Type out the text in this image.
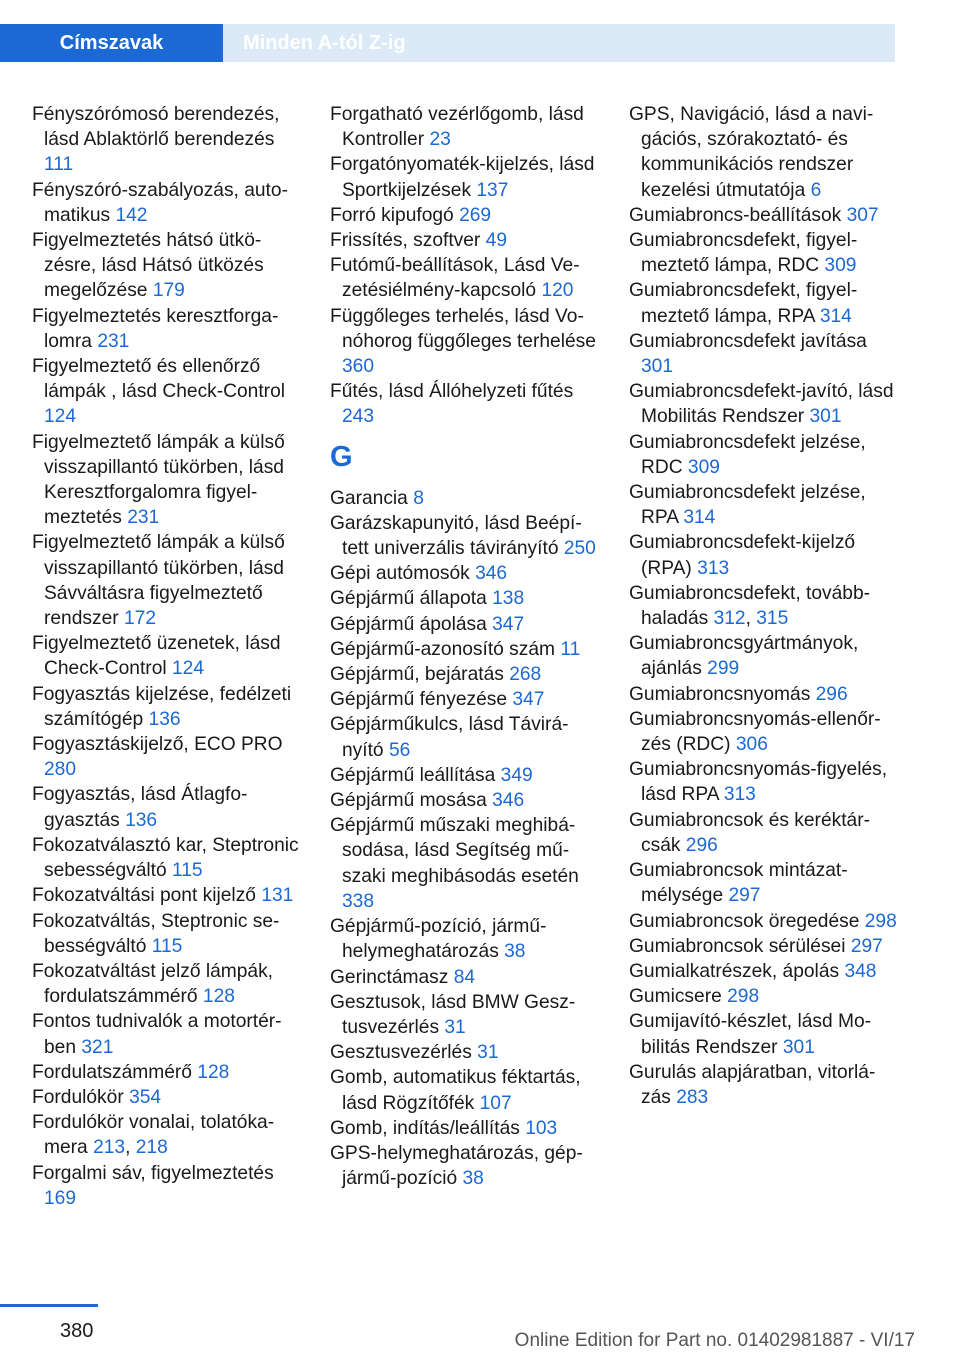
Címszavak	Minden A-tól Z-ig
Fényszórómosó berendezés, lásd Ablaktörlő berendezés 111
Fényszóró-szabályozás, automatikus 142
Figyelmeztetés hátsó ütközésre, lásd Hátsó ütközés megelőzése 179
Figyelmeztetés keresztforgalomra 231
Figyelmeztető és ellenőrző lámpák , lásd Check-Control 124
Figyelmeztető lámpák a külső visszapillantó tükörben, lásd Keresztforgalomra figyelmeztetés 231
Figyelmeztető lámpák a külső visszapillantó tükörben, lásd Sávváltásra figyelmeztető rendszer 172
Figyelmeztető üzenetek, lásd Check-Control 124
Fogyasztás kijelzése, fedélzeti számítógép 136
Fogyasztáskijelző, ECO PRO 280
Fogyasztás, lásd Átlagfogyasztás 136
Fokozatválasztó kar, Steptronic sebességváltó 115
Fokozatváltási pont kijelző 131
Fokozatváltás, Steptronic sebességváltó 115
Fokozatváltást jelző lámpák, fordulatszámmérő 128
Fontos tudnivalók a motortérben 321
Fordulatszámmérő 128
Fordulókör 354
Fordulókör vonalai, tolatókamera 213, 218
Forgalmi sáv, figyelmeztetés 169
Forgatható vezérlőgomb, lásd Kontroller 23
Forgatónyomaték-kijelzés, lásd Sportkijelzések 137
Forró kipufogó 269
Frissítés, szoftver 49
Futómű-beállítások, Lásd Vezetésiélmény-kapcsoló 120
Függőleges terhelés, lásd Vonóhorog függőleges terhelése 360
Fűtés, lásd Állóhelyzeti fűtés 243
G
Garancia 8
Garázskapunyitó, lásd Beépített univerzális távirányító 250
Gépi autómosók 346
Gépjármű állapota 138
Gépjármű ápolása 347
Gépjármű-azonosító szám 11
Gépjármű, bejáratás 268
Gépjármű fényezése 347
Gépjárműkulcs, lásd Távirányító 56
Gépjármű leállítása 349
Gépjármű mosása 346
Gépjármű műszaki meghibásodása, lásd Segítség műszaki meghibásodás esetén 338
Gépjármű-pozíció, járműhelymeghatározás 38
Gerinctámasz 84
Gesztusok, lásd BMW Gesztusvezérlés 31
Gesztusvezérlés 31
Gomb, automatikus féktartás, lásd Rögzítőfék 107
Gomb, indítás/leállítás 103
GPS-helymeghatározás, gépjármű-pozíció 38
GPS, Navigáció, lásd a navigációs, szórakoztató- és kommunikációs rendszer kezelési útmutatója 6
Gumiabroncs-beállítások 307
Gumiabroncsdefekt, figyelmeztető lámpa, RDC 309
Gumiabroncsdefekt, figyelmeztető lámpa, RPA 314
Gumiabroncsdefekt javítása 301
Gumiabroncsdefekt-javító, lásd Mobilitás Rendszer 301
Gumiabroncsdefekt jelzése, RDC 309
Gumiabroncsdefekt jelzése, RPA 314
Gumiabroncsdefekt-kijelző (RPA) 313
Gumiabroncsdefekt, továbbhaladás 312, 315
Gumiabroncsgyártmányok, ajánlás 299
Gumiabroncsnyomás 296
Gumiabroncsnyomás-ellenőrzés (RDC) 306
Gumiabroncsnyomás-figyelés, lásd RPA 313
Gumiabroncsok és keréktárcsák 296
Gumiabroncsok mintázatmélysége 297
Gumiabroncsok öregedése 298
Gumiabroncsok sérülései 297
Gumialkatrészek, ápolás 348
Gumicsere 298
Gumijavító-készlet, lásd Mobilitás Rendszer 301
Gurulás alapjáratban, vitorlázás 283
380	Online Edition for Part no. 01402981887 - VI/17
